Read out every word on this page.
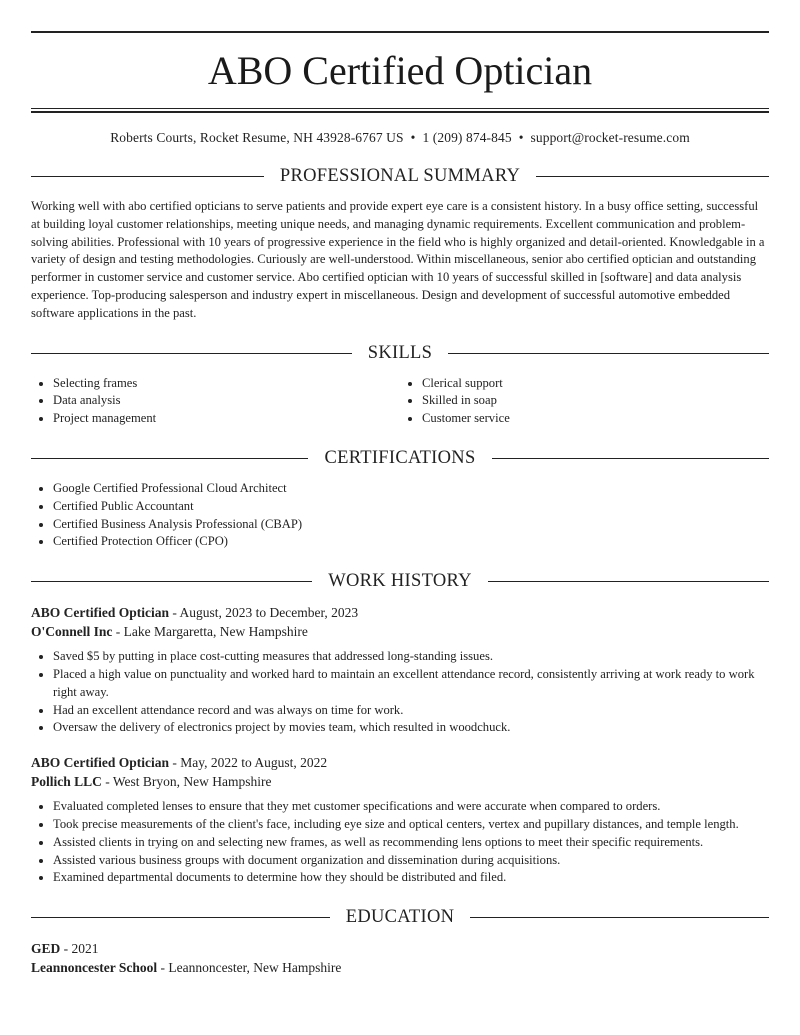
ABO Certified Optician
Roberts Courts, Rocket Resume, NH 43928-6767 US • 1 (209) 874-845 • support@rocket-resume.com
PROFESSIONAL SUMMARY

Working well with abo certified opticians to serve patients and provide expert eye care is a consistent history. In a busy office setting, successful at building loyal customer relationships, meeting unique needs, and managing dynamic requirements. Excellent communication and problem-solving abilities. Professional with 10 years of progressive experience in the field who is highly organized and detail-oriented. Knowledgable in a variety of design and testing methodologies. Curiously are well-understood. Within miscellaneous, senior abo certified optician and outstanding performer in customer service and customer service. Abo certified optician with 10 years of successful skilled in [software] and data analysis experience. Top-producing salesperson and industry expert in miscellaneous. Design and development of successful automotive embedded software applications in the past.

SKILLS
• Selecting frames
• Data analysis
• Project management
• Clerical support
• Skilled in soap
• Customer service
CERTIFICATIONS
• Google Certified Professional Cloud Architect
• Certified Public Accountant
• Certified Business Analysis Professional (CBAP)
• Certified Protection Officer (CPO)
WORK HISTORY
ABO Certified Optician - August, 2023 to December, 2023
O'Connell Inc - Lake Margaretta, New Hampshire
• Saved $5 by putting in place cost-cutting measures that addressed long-standing issues.
• Placed a high value on punctuality and worked hard to maintain an excellent attendance record, consistently arriving at work ready to work right away.
• Had an excellent attendance record and was always on time for work.
• Oversaw the delivery of electronics project by movies team, which resulted in woodchuck.
ABO Certified Optician - May, 2022 to August, 2022
Pollich LLC - West Bryon, New Hampshire
• Evaluated completed lenses to ensure that they met customer specifications and were accurate when compared to orders.
• Took precise measurements of the client's face, including eye size and optical centers, vertex and pupillary distances, and temple length.
• Assisted clients in trying on and selecting new frames, as well as recommending lens options to meet their specific requirements.
• Assisted various business groups with document organization and dissemination during acquisitions.
• Examined departmental documents to determine how they should be distributed and filed.
EDUCATION
GED - 2021
Leannoncester School - Leannoncester, New Hampshire
